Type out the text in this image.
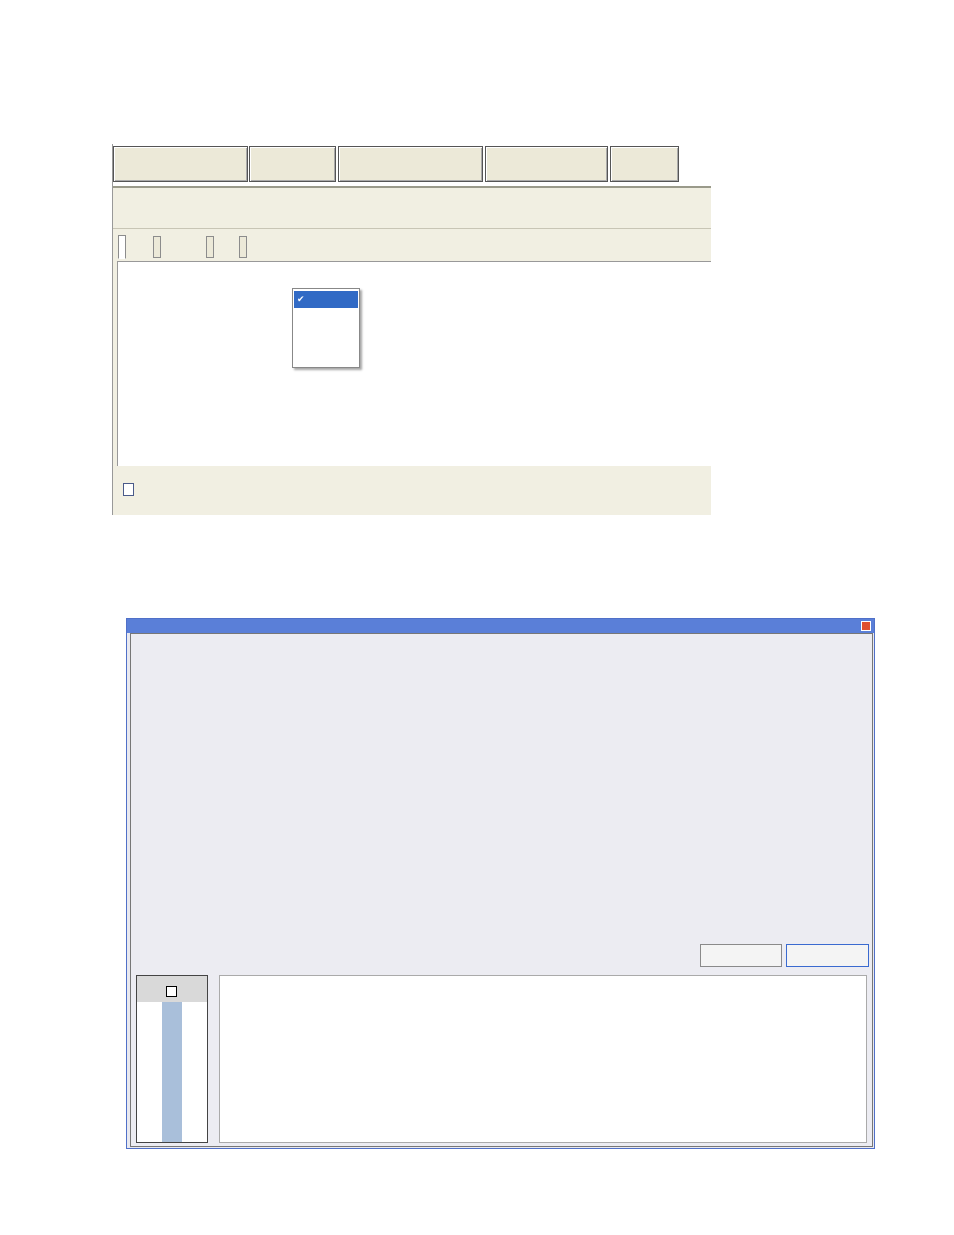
✔
